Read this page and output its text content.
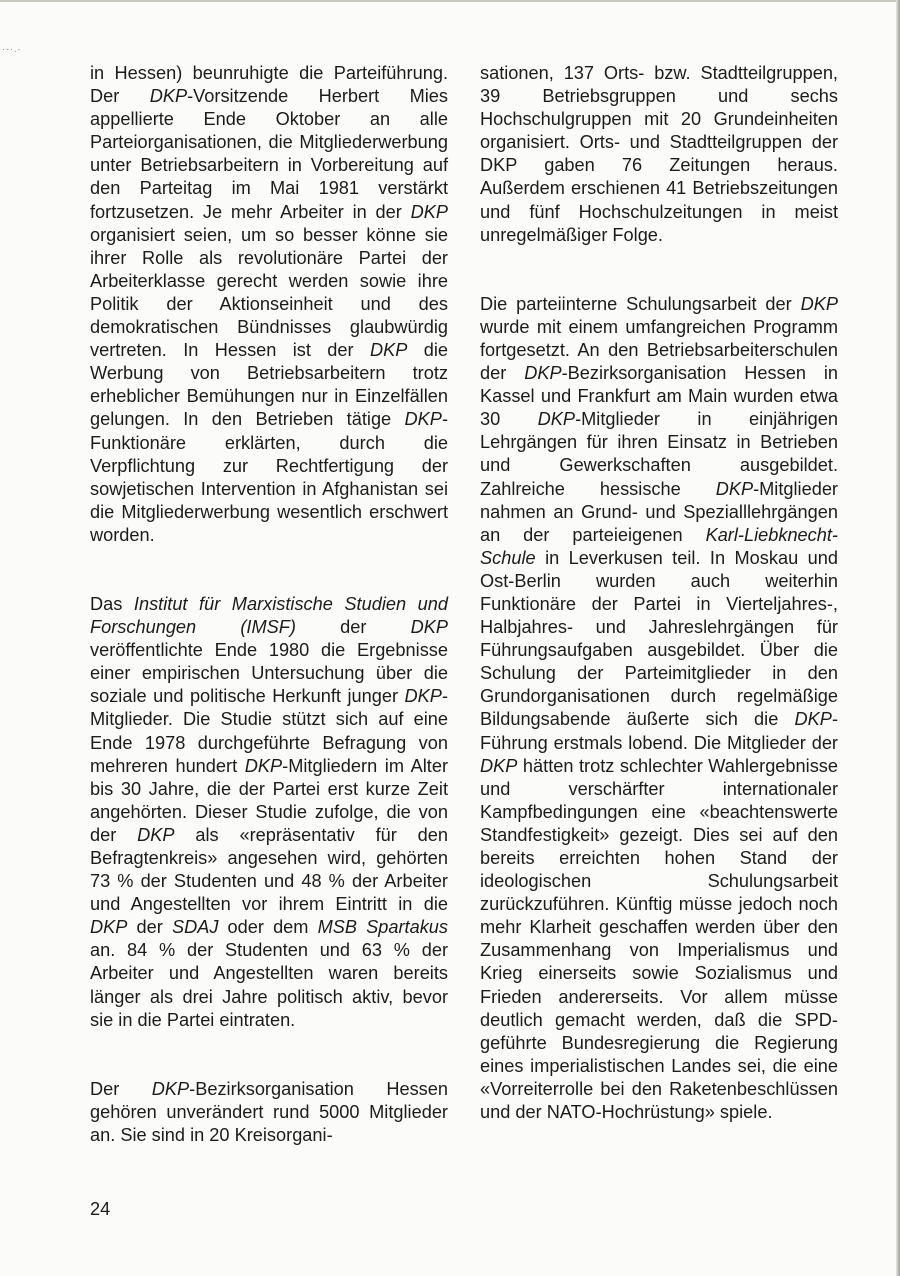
·-·.·

in Hessen) beunruhigte die Parteiführung. Der DKP-Vorsitzende Herbert Mies appellierte Ende Oktober an alle Parteiorganisationen, die Mitgliederwerbung unter Betriebsarbeitern in Vorbereitung auf den Parteitag im Mai 1981 verstärkt fortzusetzen. Je mehr Arbeiter in der DKP organisiert seien, um so besser könne sie ihrer Rolle als revolutionäre Partei der Arbeiterklasse gerecht werden sowie ihre Politik der Aktionseinheit und des demokratischen Bündnisses glaubwürdig vertreten. In Hessen ist der DKP die Werbung von Betriebsarbeitern trotz erheblicher Bemühungen nur in Einzelfällen gelungen. In den Betrieben tätige DKP-Funktionäre erklärten, durch die Verpflichtung zur Rechtfertigung der sowjetischen Intervention in Afghanistan sei die Mitgliederwerbung wesentlich erschwert worden.

Das Institut für Marxistische Studien und Forschungen (IMSF) der DKP veröffentlichte Ende 1980 die Ergebnisse einer empirischen Untersuchung über die soziale und politische Herkunft junger DKP-Mitglieder. Die Studie stützt sich auf eine Ende 1978 durchgeführte Befragung von mehreren hundert DKP-Mitgliedern im Alter bis 30 Jahre, die der Partei erst kurze Zeit angehörten. Dieser Studie zufolge, die von der DKP als «repräsentativ für den Befragtenkreis» angesehen wird, gehörten 73 % der Studenten und 48 % der Arbeiter und Angestellten vor ihrem Eintritt in die DKP der SDAJ oder dem MSB Spartakus an. 84 % der Studenten und 63 % der Arbeiter und Angestellten waren bereits länger als drei Jahre politisch aktiv, bevor sie in die Partei eintraten.

Der DKP-Bezirksorganisation Hessen gehören unverändert rund 5000 Mitglieder an. Sie sind in 20 Kreisorgani-

sationen, 137 Orts- bzw. Stadtteilgruppen, 39 Betriebsgruppen und sechs Hochschulgruppen mit 20 Grundeinheiten organisiert. Orts- und Stadtteilgruppen der DKP gaben 76 Zeitungen heraus. Außerdem erschienen 41 Betriebszeitungen und fünf Hochschulzeitungen in meist unregelmäßiger Folge.

Die parteiinterne Schulungsarbeit der DKP wurde mit einem umfangreichen Programm fortgesetzt. An den Betriebsarbeiterschulen der DKP-Bezirksorganisation Hessen in Kassel und Frankfurt am Main wurden etwa 30 DKP-Mitglieder in einjährigen Lehrgängen für ihren Einsatz in Betrieben und Gewerkschaften ausgebildet. Zahlreiche hessische DKP-Mitglieder nahmen an Grund- und Spezialllehrgängen an der parteieigenen Karl-Liebknecht-Schule in Leverkusen teil. In Moskau und Ost-Berlin wurden auch weiterhin Funktionäre der Partei in Vierteljahres-, Halbjahres- und Jahreslehrgängen für Führungsaufgaben ausgebildet. Über die Schulung der Parteimitglieder in den Grundorganisationen durch regelmäßige Bildungsabende äußerte sich die DKP-Führung erstmals lobend. Die Mitglieder der DKP hätten trotz schlechter Wahlergebnisse und verschärfter internationaler Kampfbedingungen eine «beachtenswerte Standfestigkeit» gezeigt. Dies sei auf den bereits erreichten hohen Stand der ideologischen Schulungsarbeit zurückzuführen. Künftig müsse jedoch noch mehr Klarheit geschaffen werden über den Zusammenhang von Imperialismus und Krieg einerseits sowie Sozialismus und Frieden andererseits. Vor allem müsse deutlich gemacht werden, daß die SPD-geführte Bundesregierung die Regierung eines imperialistischen Landes sei, die eine «Vorreiterrolle bei den Raketenbeschlüssen und der NATO-Hochrüstung» spiele.

24
